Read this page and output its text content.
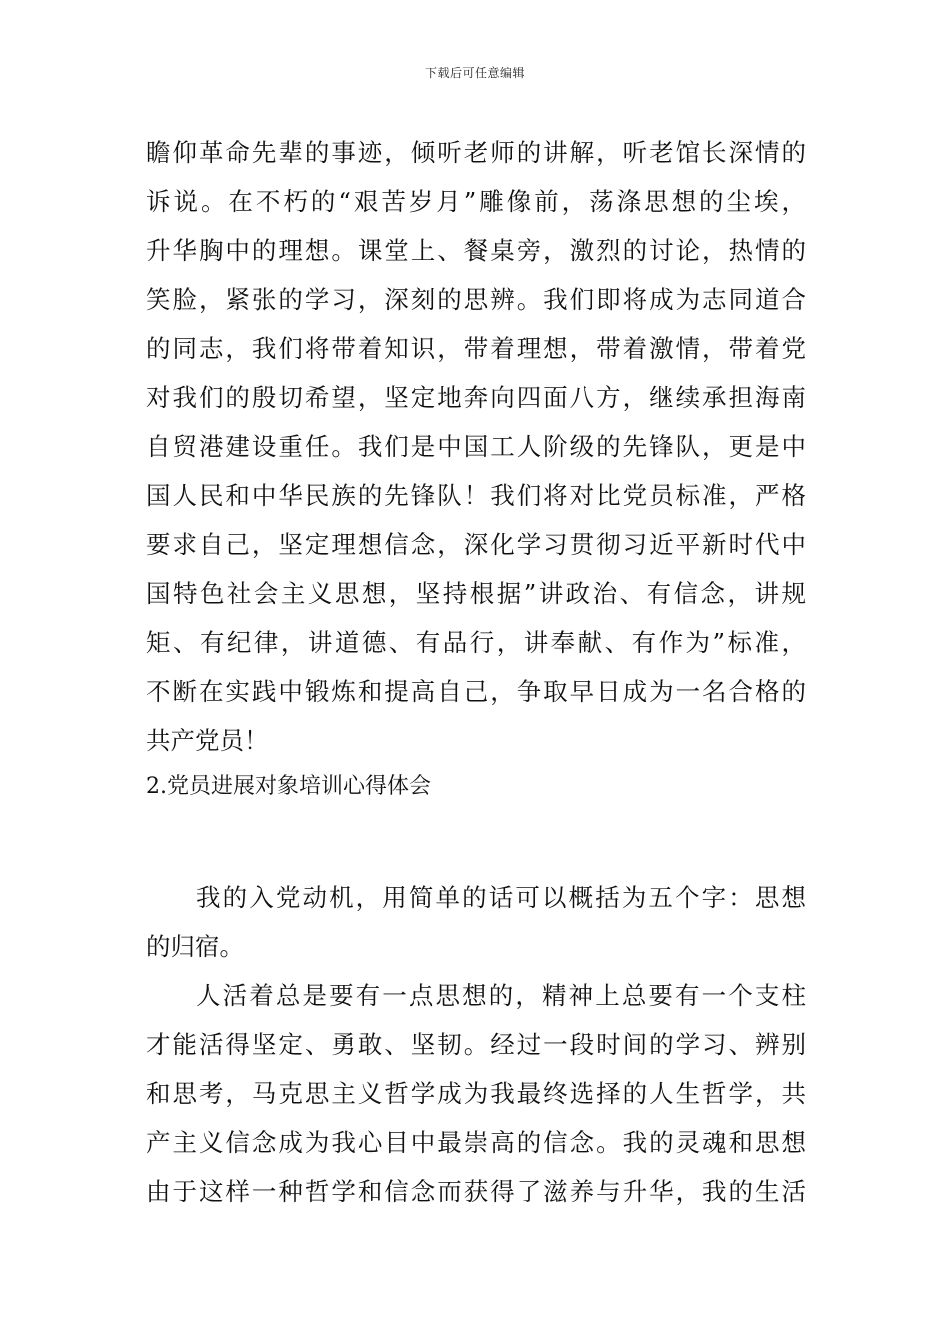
下载后可任意编辑
瞻仰革命先辈的事迹，倾听老师的讲解，听老馆长深情的
诉说。在不朽的“艰苦岁月”雕像前，荡涤思想的尘埃，
升华胸中的理想。课堂上、餐桌旁，激烈的讨论，热情的
笑脸，紧张的学习，深刻的思辨。我们即将成为志同道合
的同志，我们将带着知识，带着理想，带着激情，带着党
对我们的殷切希望，坚定地奔向四面八方，继续承担海南
自贸港建设重任。我们是中国工人阶级的先锋队，更是中
国人民和中华民族的先锋队！我们将对比党员标准，严格
要求自己，坚定理想信念，深化学习贯彻习近平新时代中
国特色社会主义思想，坚持根据”讲政治、有信念，讲规
矩、有纪律，讲道德、有品行，讲奉献、有作为”标准，
不断在实践中锻炼和提高自己，争取早日成为一名合格的
共产党员！
2.党员进展对象培训心得体会
我的入党动机，用简单的话可以概括为五个字：思想
的归宿。
人活着总是要有一点思想的，精神上总要有一个支柱
才能活得坚定、勇敢、坚韧。经过一段时间的学习、辨别
和思考，马克思主义哲学成为我最终选择的人生哲学，共
产主义信念成为我心目中最崇高的信念。我的灵魂和思想
由于这样一种哲学和信念而获得了滋养与升华，我的生活
